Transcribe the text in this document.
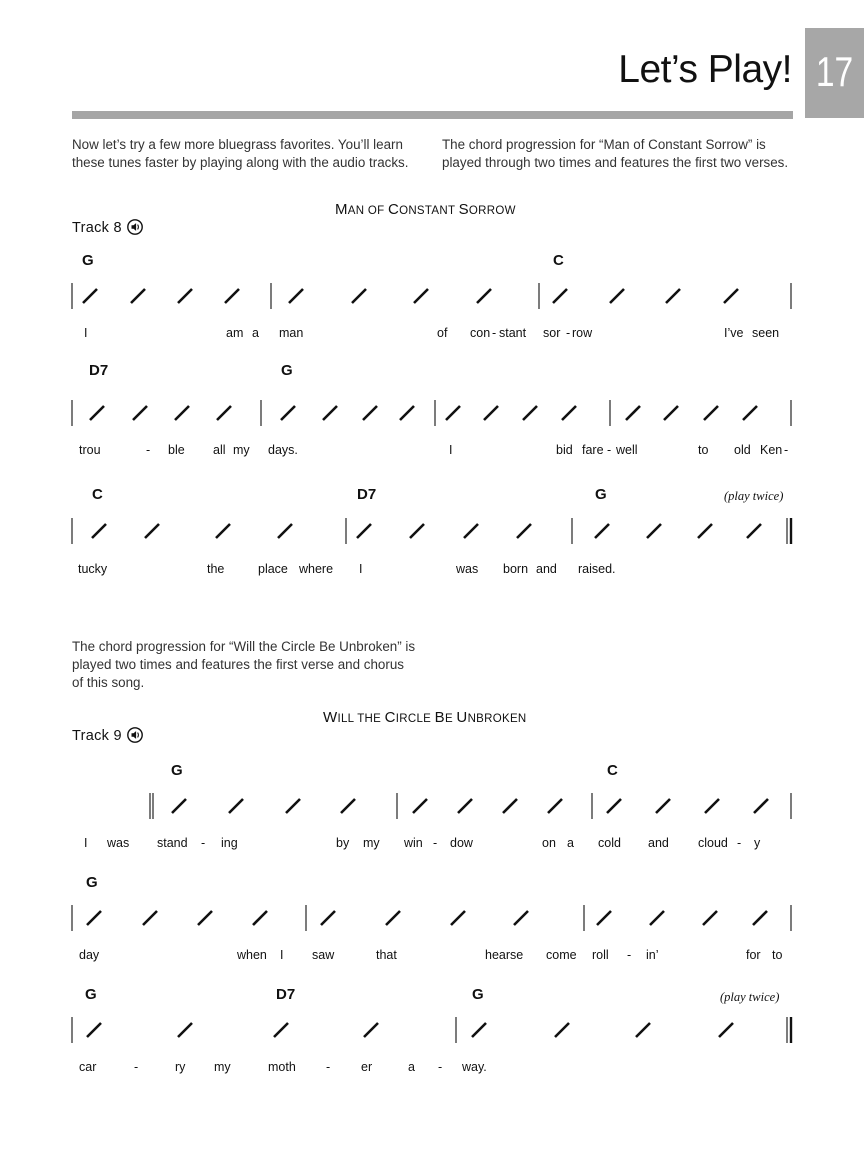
Let’s Play! 17
Now let’s try a few more bluegrass favorites. You’ll learn these tunes faster by playing along with the audio tracks.
The chord progression for “Man of Constant Sorrow” is played through two times and features the first two verses.
MAN OF CONSTANT SORROW
Track 8
G	C
I	am a man	of con - stant sor - row	I’ve seen
D7	G
trou	- ble all my days.	I	bid fare - well	to old Ken -
C	D7	G	(play twice)
tucky	the	place where I	was born and raised.
The chord progression for “Will the Circle Be Unbroken” is played two times and features the first verse and chorus of this song.
WILL THE CIRCLE BE UNBROKEN
Track 9
G	C
I was stand - ing	by my win - dow	on a cold and cloud - y
G
day	when I saw	that	hearse come roll - in’	for to
G	D7	G	(play twice)
car	-	ry my	moth - er	a - way.
